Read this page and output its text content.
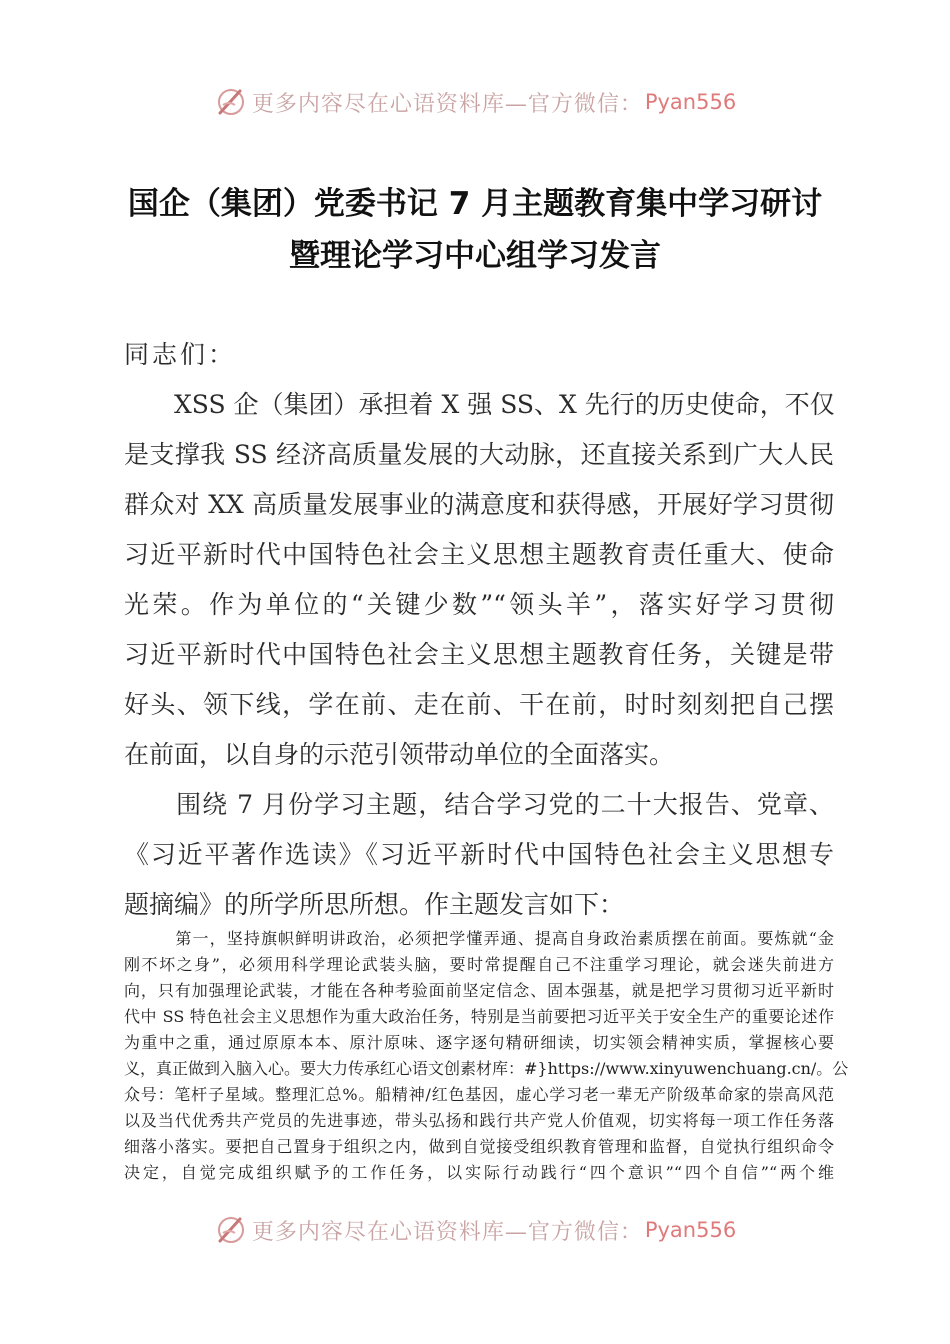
更多内容尽在心语资料库—官方微信： Pyan556
国企（集团）党委书记 7 月主题教育集中学习研讨
暨理论学习中心组学习发言
同志们：
　　XSS 企（集团）承担着 X 强 SS、X 先行的历史使命，不仅
是支撑我 SS 经济高质量发展的大动脉，还直接关系到广大人民
群众对 XX 高质量发展事业的满意度和获得感，开展好学习贯彻
习近平新时代中国特色社会主义思想主题教育责任重大、使命
光荣。作为单位的“关键少数”“领头羊”，落实好学习贯彻
习近平新时代中国特色社会主义思想主题教育任务，关键是带
好头、领下线，学在前、走在前、干在前，时时刻刻把自己摆
在前面，以自身的示范引领带动单位的全面落实。
　　围绕 7 月份学习主题，结合学习党的二十大报告、党章、
《习近平著作选读》《习近平新时代中国特色社会主义思想专
题摘编》的所学所思所想。作主题发言如下：
　　　第一，坚持旗帜鲜明讲政治，必须把学懂弄通、提高自身政治素质摆在前面。要炼就“金
刚不坏之身”，必须用科学理论武装头脑，要时常提醒自己不注重学习理论，就会迷失前进方
向，只有加强理论武装，才能在各种考验面前坚定信念、固本强基，就是把学习贯彻习近平新时
代中 SS 特色社会主义思想作为重大政治任务，特别是当前要把习近平关于安全生产的重要论述作
为重中之重，通过原原本本、原汁原味、逐字逐句精研细读，切实领会精神实质，掌握核心要
义，真正做到入脑入心。要大力传承红心语文创素材库：#}https://www.xinyuwenchuang.cn/。公
众号：笔杆子星域。整理汇总%。船精神/红色基因，虚心学习老一辈无产阶级革命家的崇高风范
以及当代优秀共产党员的先进事迹，带头弘扬和践行共产党人价值观，切实将每一项工作任务落
细落小落实。要把自己置身于组织之内，做到自觉接受组织教育管理和监督，自觉执行组织命令
决定，自觉完成组织赋予的工作任务，以实际行动践行“四个意识”“四个自信”“两个维
更多内容尽在心语资料库—官方微信： Pyan556
